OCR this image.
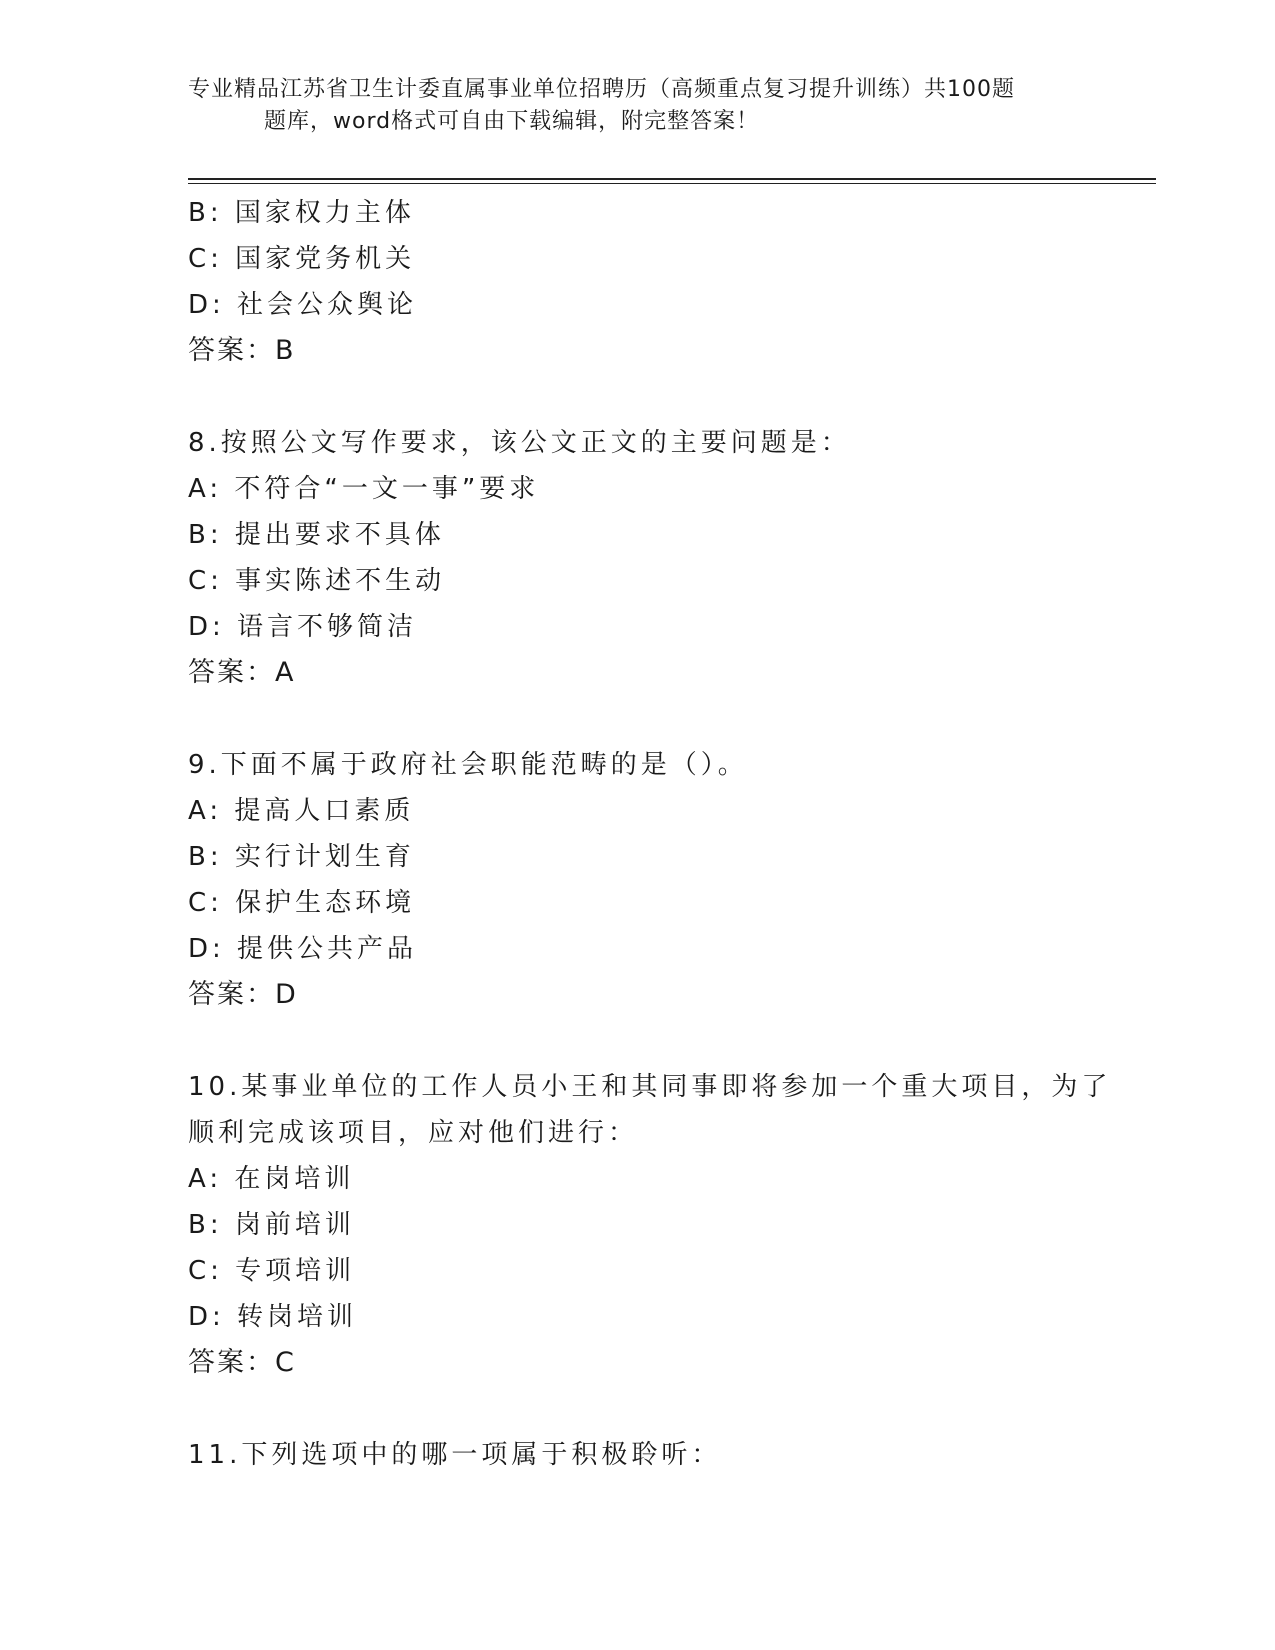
专业精品江苏省卫生计委直属事业单位招聘历（高频重点复习提升训练）共100题
题库，word格式可自由下载编辑，附完整答案！
B: 国家权力主体
C: 国家党务机关
D: 社会公众舆论
答案：B
8.按照公文写作要求，该公文正文的主要问题是：
A: 不符合“一文一事”要求
B: 提出要求不具体
C: 事实陈述不生动
D: 语言不够简洁
答案：A
9.下面不属于政府社会职能范畴的是（）。
A: 提高人口素质
B: 实行计划生育
C: 保护生态环境
D: 提供公共产品
答案：D
10.某事业单位的工作人员小王和其同事即将参加一个重大项目，为了
顺利完成该项目，应对他们进行：
A: 在岗培训
B: 岗前培训
C: 专项培训
D: 转岗培训
答案：C
11.下列选项中的哪一项属于积极聆听：
